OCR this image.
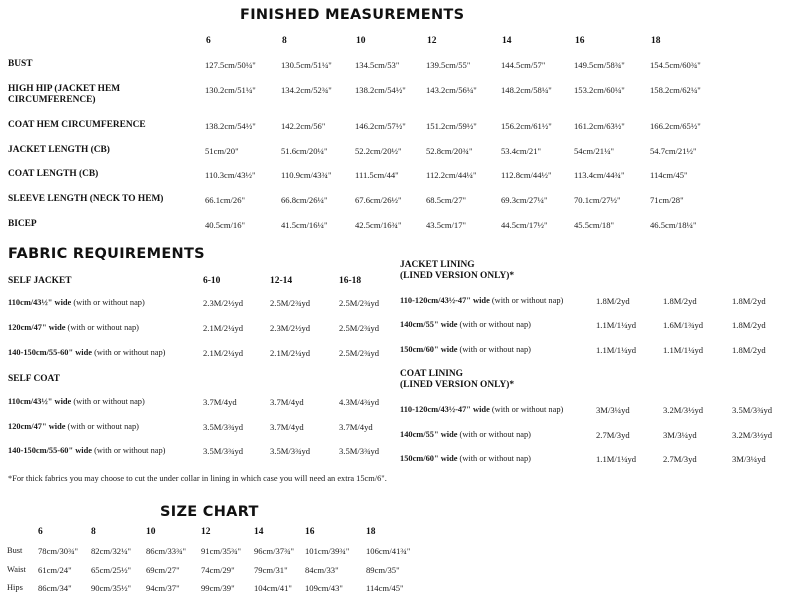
FINISHED MEASUREMENTS
6	8	10	12	14	16	18
BUST	127.5cm/50¼"	130.5cm/51¼"	134.5cm/53"	139.5cm/55"	144.5cm/57"	149.5cm/58¾"	154.5cm/60¾"
HIGH HIP (JACKET HEM CIRCUMFERENCE)
130.2cm/51¼"	134.2cm/52¾"	138.2cm/54½" 143.2cm/56¼"	148.2cm/58¼"	153.2cm/60¼"	158.2cm/62¼"
COAT HEM CIRCUMFERENCE	138.2cm/54½"	142.2cm/56"	146.2cm/57½" 151.2cm/59½"	156.2cm/61½"	161.2cm/63½"	166.2cm/65½"
JACKET LENGTH (CB)	51cm/20"	51.6cm/20¼"	52.2cm/20½"	52.8cm/20¾"	53.4cm/21"	54cm/21¼"	54.7cm/21½"
COAT LENGTH (CB)	110.3cm/43½"	110.9cm/43¾"	111.5cm/44"	112.2cm/44¼"	112.8cm/44½"	113.4cm/44¾"	114cm/45"
SLEEVE LENGTH (NECK TO HEM)	66.1cm/26"	66.8cm/26¼"	67.6cm/26½"	68.5cm/27"	69.3cm/27¼"	70.1cm/27½"	71cm/28"
BICEP	40.5cm/16"	41.5cm/16¼"	42.5cm/16¾"	43.5cm/17"	44.5cm/17½"	45.5cm/18"	46.5cm/18¼"
FABRIC REQUIREMENTS
SELF JACKET	6-10	12-14	16-18
110cm/43½" wide (with or without nap)	2.3M/2½yd	2.5M/2¾yd	2.5M/2¾yd
120cm/47" wide (with or without nap)	2.1M/2¼yd	2.3M/2½yd	2.5M/2¾yd
140-150cm/55-60" wide (with or without nap)	2.1M/2¼yd	2.1M/2¼yd	2.5M/2¾yd
SELF COAT
110cm/43½" wide (with or without nap)	3.7M/4yd	3.7M/4yd	4.3M/4¾yd
120cm/47" wide (with or without nap)	3.5M/3¾yd	3.7M/4yd	3.7M/4yd
140-150cm/55-60" wide (with or without nap)	3.5M/3¾yd	3.5M/3¾yd	3.5M/3¾yd
JACKET LINING
(LINED VERSION ONLY)*
110-120cm/43½-47" wide (with or without nap)	1.8M/2yd	1.8M/2yd	1.8M/2yd
140cm/55" wide (with or without nap)	1.1M/1¼yd	1.6M/1¾yd	1.8M/2yd
150cm/60" wide (with or without nap)	1.1M/1¼yd	1.1M/1¼yd	1.8M/2yd
COAT LINING
(LINED VERSION ONLY)*
110-120cm/43½-47" wide (with or without nap)	3M/3¼yd	3.2M/3½yd	3.5M/3¾yd
140cm/55" wide (with or without nap)	2.7M/3yd	3M/3¼yd	3.2M/3½yd
150cm/60" wide (with or without nap)	1.1M/1¼yd	2.7M/3yd	3M/3¼yd
*For thick fabrics you may choose to cut the under collar in lining in which case you will need an extra 15cm/6".
SIZE CHART
6	8	10	12	14	16	18
Bust 78cm/30¾" 82cm/32¼" 86cm/33¾" 91cm/35¾" 96cm/37¾" 101cm/39¾" 106cm/41¾"
Waist 61cm/24" 65cm/25½" 69cm/27" 74cm/29" 79cm/31" 84cm/33"	89cm/35"
Hips 86cm/34" 90cm/35½" 94cm/37" 99cm/39" 104cm/41" 109cm/43"	114cm/45"
